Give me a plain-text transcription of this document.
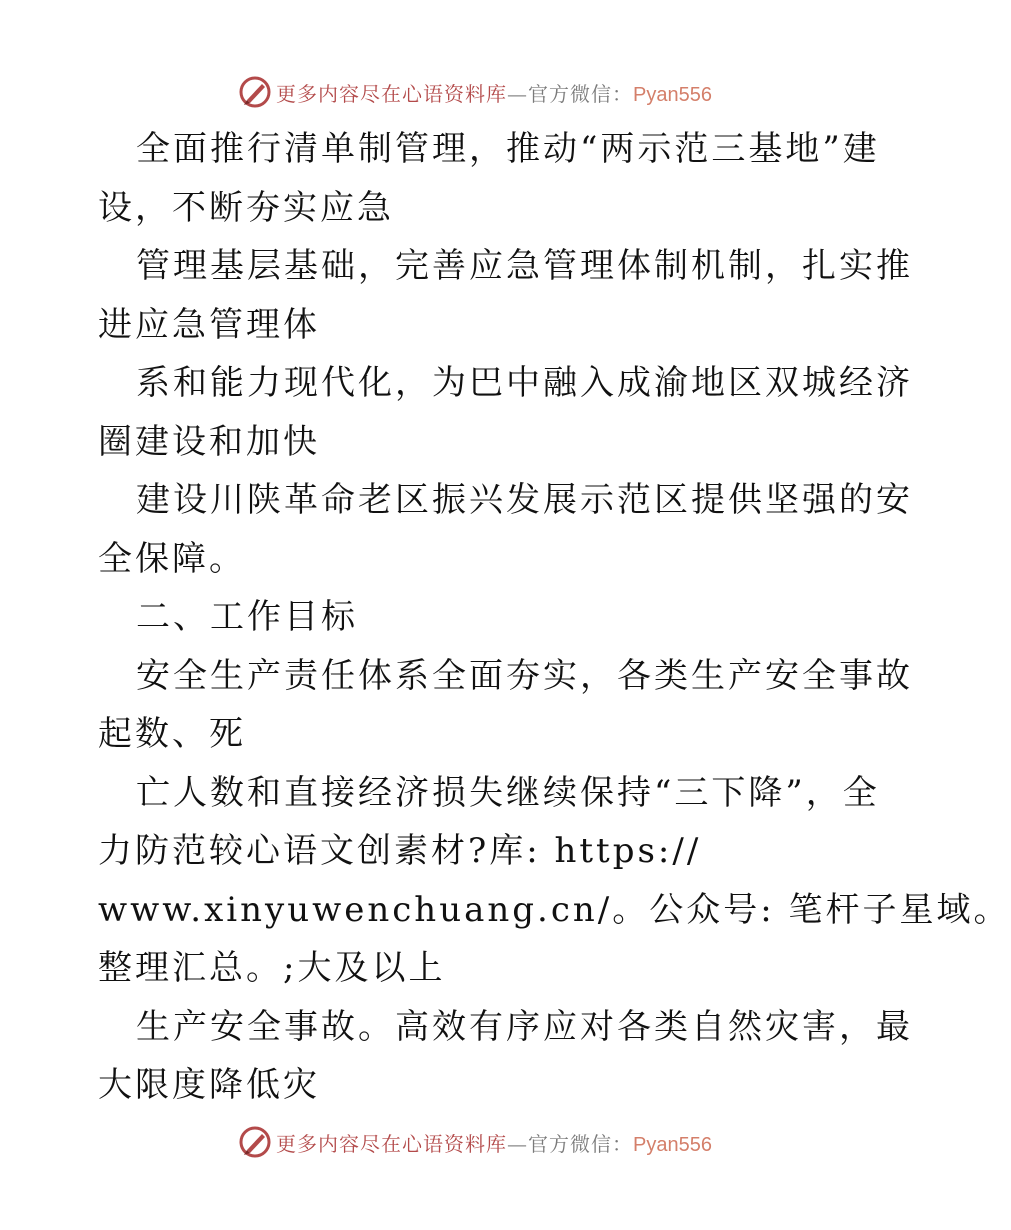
更多内容尽在心语资料库—官方微信：Pyan556
全面推行清单制管理，推动“两示范三基地”建
设，不断夯实应急
管理基层基础，完善应急管理体制机制，扎实推
进应急管理体
系和能力现代化，为巴中融入成渝地区双城经济
圈建设和加快
建设川陕革命老区振兴发展示范区提供坚强的安
全保障。
二、工作目标
安全生产责任体系全面夯实，各类生产安全事故
起数、死
亡人数和直接经济损失继续保持“三下降”，全
力防范较心语文创素材?库: https://
www.xinyuwenchuang.cn/。公众号: 笔杆子星域。
整理汇总。;大及以上
生产安全事故。高效有序应对各类自然灾害，最
大限度降低灾
更多内容尽在心语资料库—官方微信：Pyan556
